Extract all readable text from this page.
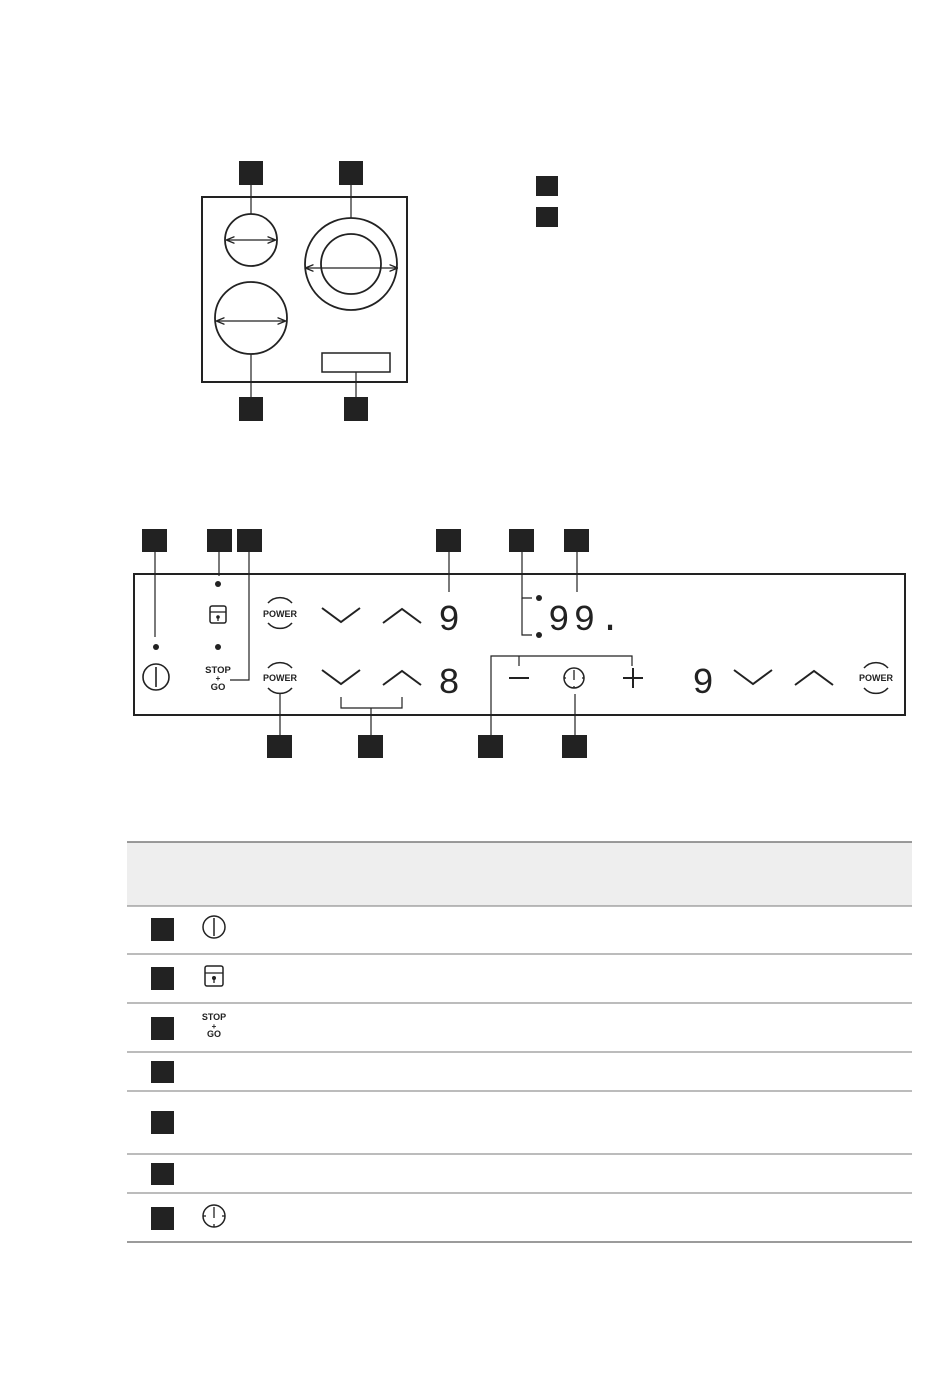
STOP
+
GO
POWER
POWER	POWER
9
8	9
99.
STOP
+
GO
